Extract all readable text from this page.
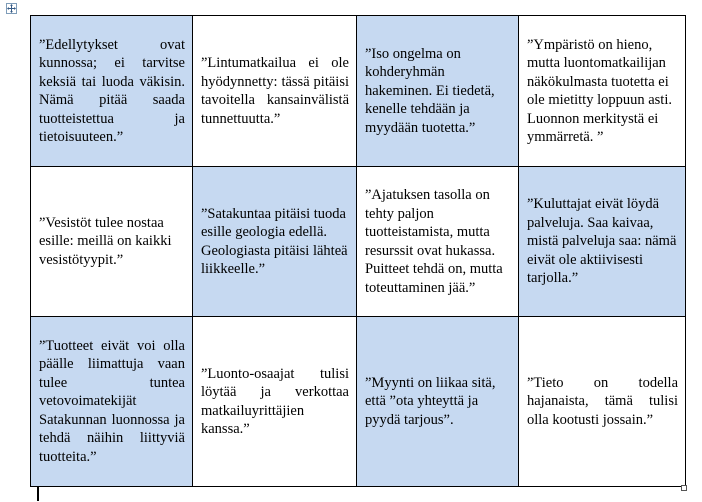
”Edellytykset ovat kunnossa; ei tarvitse keksiä tai luoda väkisin. Nämä pitää saada tuotteistettua ja tietoisuuteen.”	”Lintumatkailua ei ole hyödynnetty: tässä pitäisi tavoitella kansainvälistä tunnettuutta.”	”Iso ongelma on kohderyhmän hakeminen. Ei tiedetä, kenelle tehdään ja myydään tuotetta.”	”Ympäristö on hieno, mutta luontomatkailijan näkökulmasta tuotetta ei ole mietitty loppuun asti. Luonnon merkitystä ei ymmärretä. ”
”Vesistöt tulee nostaa esille: meillä on kaikki vesistötyypit.”	”Satakuntaa pitäisi tuoda esille geologia edellä. Geologiasta pitäisi lähteä liikkeelle.”	”Ajatuksen tasolla on tehty paljon tuotteistamista, mutta resurssit ovat hukassa. Puitteet tehdä on, mutta toteuttaminen jää.”	”Kuluttajat eivät löydä palveluja. Saa kaivaa, mistä palveluja saa: nämä eivät ole aktiivisesti tarjolla.”
”Tuotteet eivät voi olla päälle liimattuja vaan tulee tuntea vetovoimatekijät Satakunnan luonnossa ja tehdä näihin liittyviä tuotteita.”	”Luonto-osaajat tulisi löytää ja verkottaa matkailuyrittäjien kanssa.”	”Myynti on liikaa sitä, että ”ota yhteyttä ja pyydä tarjous”.	”Tieto on todella hajanaista, tämä tulisi olla kootusti jossain.”
